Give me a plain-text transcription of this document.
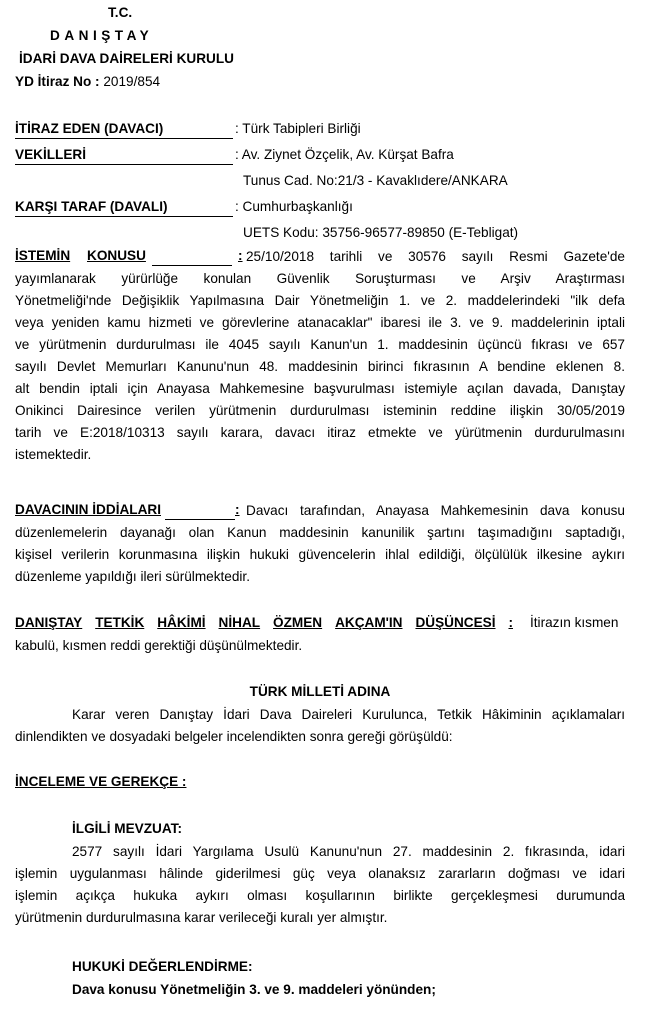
T.C.
DANIŞTAY
İDARİ DAVA DAİRELERİ KURULU
YD İtiraz No : 2019/854
İTİRAZ EDEN (DAVACI)	: Türk Tabipleri Birliği
VEKİLLERİ	: Av. Ziynet Özçelik, Av. Kürşat Bafra
Tunus Cad. No:21/3 - Kavaklıdere/ANKARA
KARŞI TARAF (DAVALI)	: Cumhurbaşkanlığı
UETS Kodu: 35756-96577-89850 (E-Tebligat)
İSTEMİN KONUSU	: 25/10/2018 tarihli ve 30576 sayılı Resmi Gazete'de
yayımlanarak yürürlüğe konulan Güvenlik Soruşturması ve Arşiv Araştırması
Yönetmeliği'nde Değişiklik Yapılmasına Dair Yönetmeliğin 1. ve 2. maddelerindeki "ilk defa
veya yeniden kamu hizmeti ve görevlerine atanacaklar" ibaresi ile 3. ve 9. maddelerinin iptali
ve yürütmenin durdurulması ile 4045 sayılı Kanun'un 1. maddesinin üçüncü fıkrası ve 657
sayılı Devlet Memurları Kanunu'nun 48. maddesinin birinci fıkrasının A bendine eklenen 8.
alt bendin iptali için Anayasa Mahkemesine başvurulması istemiyle açılan davada, Danıştay
Onikinci Dairesince verilen yürütmenin durdurulması isteminin reddine ilişkin 30/05/2019
tarih ve E:2018/10313 sayılı karara, davacı itiraz etmekte ve yürütmenin durdurulmasını
istemektedir.
DAVACININ İDDİALARI	: Davacı tarafından, Anayasa Mahkemesinin dava konusu
düzenlemelerin dayanağı olan Kanun maddesinin kanunilik şartını taşımadığını saptadığı,
kişisel verilerin korunmasına ilişkin hukuki güvencelerin ihlal edildiği, ölçülülük ilkesine aykırı
düzenleme yapıldığı ileri sürülmektedir.
DANIŞTAY TETKİK HÂKİMİ NİHAL ÖZMEN AKÇAM'IN DÜŞÜNCESİ : İtirazın kısmen
kabulü, kısmen reddi gerektiği düşünülmektedir.
TÜRK MİLLETİ ADINA
Karar veren Danıştay İdari Dava Daireleri Kurulunca, Tetkik Hâkiminin açıklamaları
dinlendikten ve dosyadaki belgeler incelendikten sonra gereği görüşüldü:
İNCELEME VE GEREKÇE :
İLGİLİ MEVZUAT:
2577 sayılı İdari Yargılama Usulü Kanunu'nun 27. maddesinin 2. fıkrasında, idari
işlemin uygulanması hâlinde giderilmesi güç veya olanaksız zararların doğması ve idari
işlemin açıkça hukuka aykırı olması koşullarının birlikte gerçekleşmesi durumunda
yürütmenin durdurulmasına karar verileceği kuralı yer almıştır.
HUKUKİ DEĞERLENDİRME:
Dava konusu Yönetmeliğin 3. ve 9. maddeleri yönünden;
